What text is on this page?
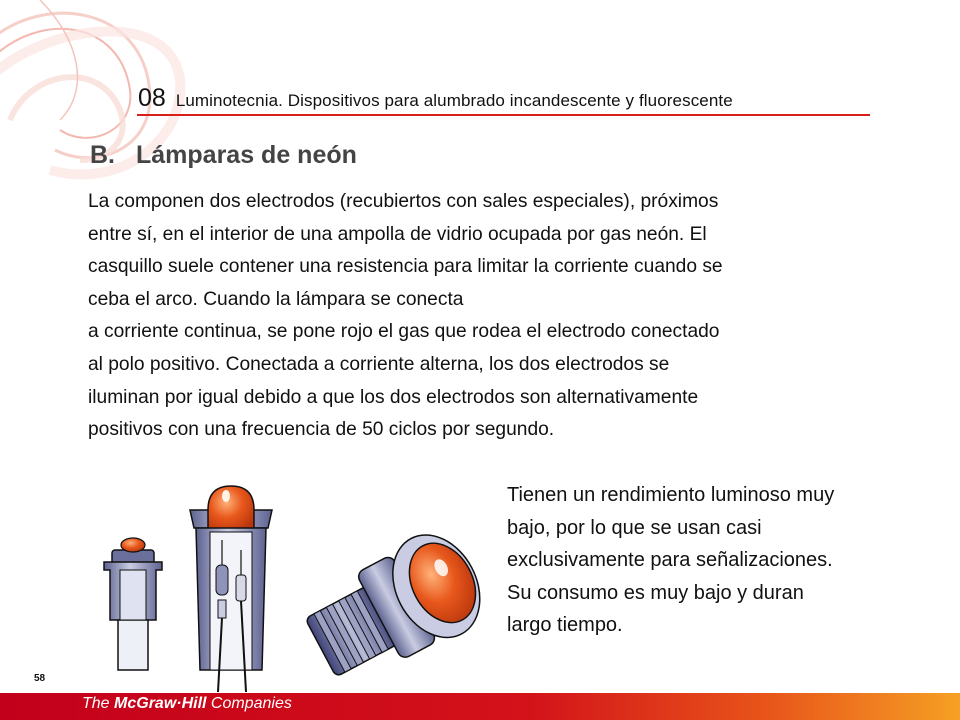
08 Luminotecnia. Dispositivos para alumbrado incandescente y fluorescente
B. Lámparas de neón

La componen dos electrodos (recubiertos con sales especiales), próximos

entre sí, en el interior de una ampolla de vidrio ocupada por gas neón. El

casquillo suele contener una resistencia para limitar la corriente cuando se

ceba el arco. Cuando la lámpara se conecta

a corriente continua, se pone rojo el gas que rodea el electrodo conectado

al polo positivo. Conectada a corriente alterna, los dos electrodos se

iluminan por igual debido a que los dos electrodos son alternativamente

positivos con una frecuencia de 50 ciclos por segundo.

Tienen un rendimiento luminoso muy
bajo, por lo que se usan casi
exclusivamente para señalizaciones.
Su consumo es muy bajo y duran
largo tiempo.
58
The McGraw·Hill Companies
